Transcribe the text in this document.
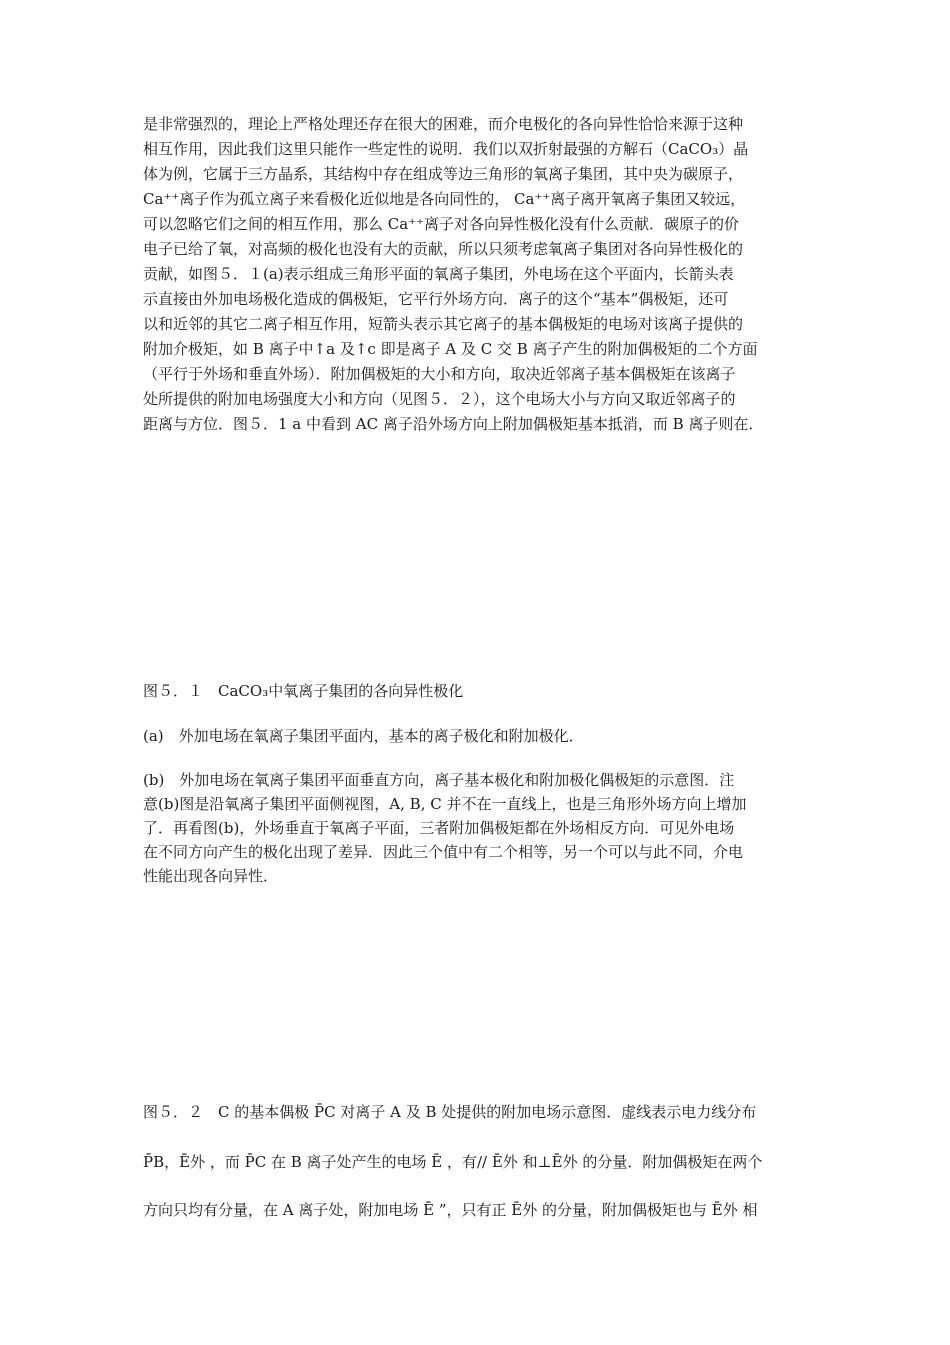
是非常强烈的，理论上严格处理还存在很大的困难，而介电极化的各向异性恰恰来源于这种
相互作用，因此我们这里只能作一些定性的说明．我们以双折射最强的方解石（CaCO₃）晶
体为例，它属于三方晶系，其结构中存在组成等边三角形的氧离子集团，其中央为碳原子，
Ca⁺⁺离子作为孤立离子来看极化近似地是各向同性的， Ca⁺⁺离子离开氧离子集团又较远，
可以忽略它们之间的相互作用，那么 Ca⁺⁺离子对各向异性极化没有什么贡献．碳原子的价
电子已给了氧，对高频的极化也没有大的贡献，所以只须考虑氧离子集团对各向异性极化的
贡献，如图５．１(a)表示组成三角形平面的氧离子集团，外电场在这个平面内，长箭头表
示直接由外加电场极化造成的偶极矩，它平行外场方向．离子的这个“基本”偶极矩，还可
以和近邻的其它二离子相互作用，短箭头表示其它离子的基本偶极矩的电场对该离子提供的
附加介极矩，如 B 离子中↑a 及↑c 即是离子 A 及 C 交 B 离子产生的附加偶极矩的二个方面
（平行于外场和垂直外场）．附加偶极矩的大小和方向，取决近邻离子基本偶极矩在该离子
处所提供的附加电场强度大小和方向（见图５．２），这个电场大小与方向又取近邻离子的
距离与方位．图５．1 a 中看到 AC 离子沿外场方向上附加偶极矩基本抵消，而 B 离子则在．

图５．１　CaCO₃中氧离子集团的各向异性极化

(a)　外加电场在氧离子集团平面内，基本的离子极化和附加极化．

(b)　外加电场在氧离子集团平面垂直方向，离子基本极化和附加极化偶极矩的示意图．注
意(b)图是沿氧离子集团平面侧视图，A, B, C 并不在一直线上，也是三角形外场方向上增加
了．再看图(b)，外场垂直于氧离子平面，三者附加偶极矩都在外场相反方向．可见外电场
在不同方向产生的极化出现了差异．因此三个值中有二个相等，另一个可以与此不同，介电
性能出现各向异性．

图５．２　C 的基本偶极 P̄C 对离子 A 及 B 处提供的附加电场示意图．虚线表示电力线分布

P̄B，Ē外 ，而 P̄C 在 B 离子处产生的电场 Ē ，有// Ē外 和⊥Ē外 的分量．附加偶极矩在两个

方向只均有分量，在 A 离子处，附加电场 Ē ”，只有正 Ē外 的分量，附加偶极矩也与 Ē外 相
